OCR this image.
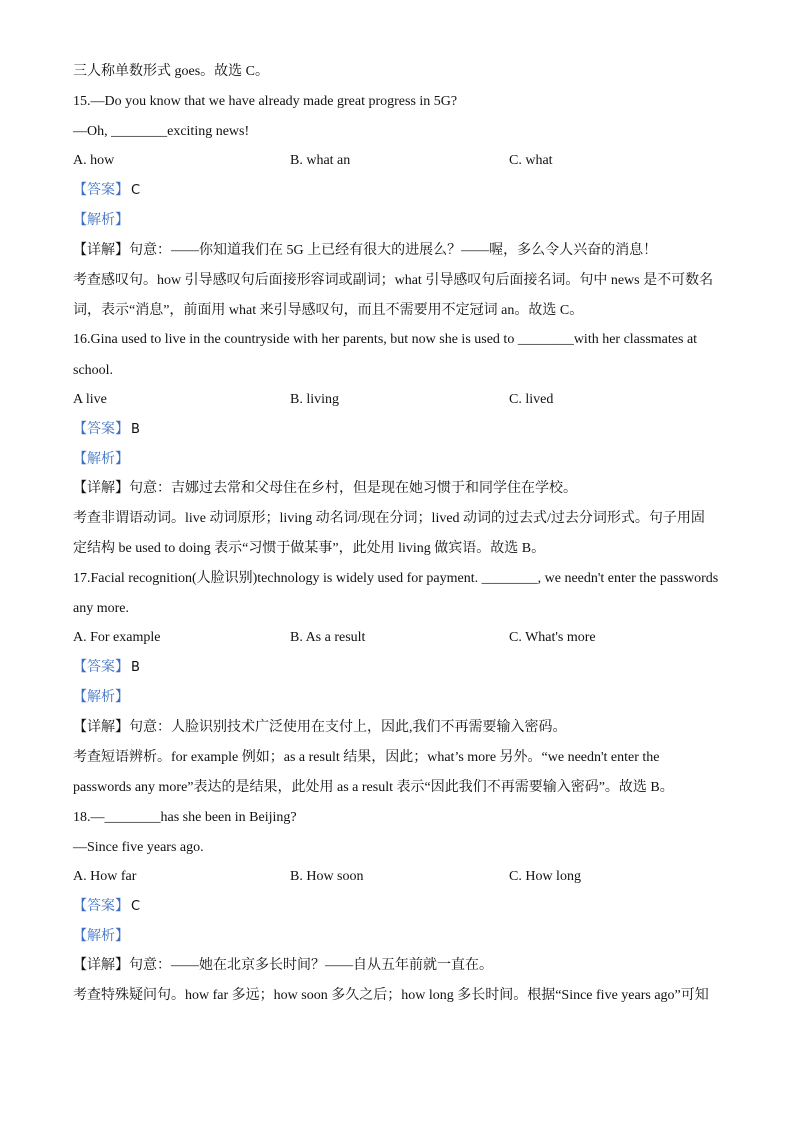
三人称单数形式 goes。故选 C。
15.—Do you know that we have already made great progress in 5G?
—Oh, ________exciting news!
A. how	B. what an	C. what
【答案】 C
【解析】
【详解】句意：——你知道我们在 5G 上已经有很大的进展么？——喔，多么令人兴奋的消息！
考查感叹句。how 引导感叹句后面接形容词或副词；what 引导感叹句后面接名词。句中 news 是不可数名
词，表示“消息”，前面用 what 来引导感叹句，而且不需要用不定冠词 an。故选 C。
16.Gina used to live in the countryside with her parents, but now she is used to ________with her classmates at
school.
A live	B. living	C. lived
【答案】 B
【解析】
【详解】句意：吉娜过去常和父母住在乡村，但是现在她习惯于和同学住在学校。
考查非谓语动词。live 动词原形；living 动名词/现在分词；lived 动词的过去式/过去分词形式。句子用固
定结构 be used to doing 表示“习惯于做某事”，此处用 living 做宾语。故选 B。
17.Facial recognition(人脸识别)technology is widely used for payment. ________, we needn't enter the passwords
any more.
A. For example	B. As a result	C. What's more
【答案】 B
【解析】
【详解】句意：人脸识别技术广泛使用在支付上，因此,我们不再需要输入密码。
考查短语辨析。for example 例如；as a result 结果，因此；what’s more 另外。“we needn't enter the
passwords any more”表达的是结果，此处用 as a result 表示“因此我们不再需要输入密码”。故选 B。
18.—________has she been in Beijing?
—Since five years ago.
A. How far	B. How soon	C. How long
【答案】 C
【解析】
【详解】句意：——她在北京多长时间？——自从五年前就一直在。
考查特殊疑问句。how far 多远；how soon 多久之后；how long 多长时间。根据“Since five years ago”可知
